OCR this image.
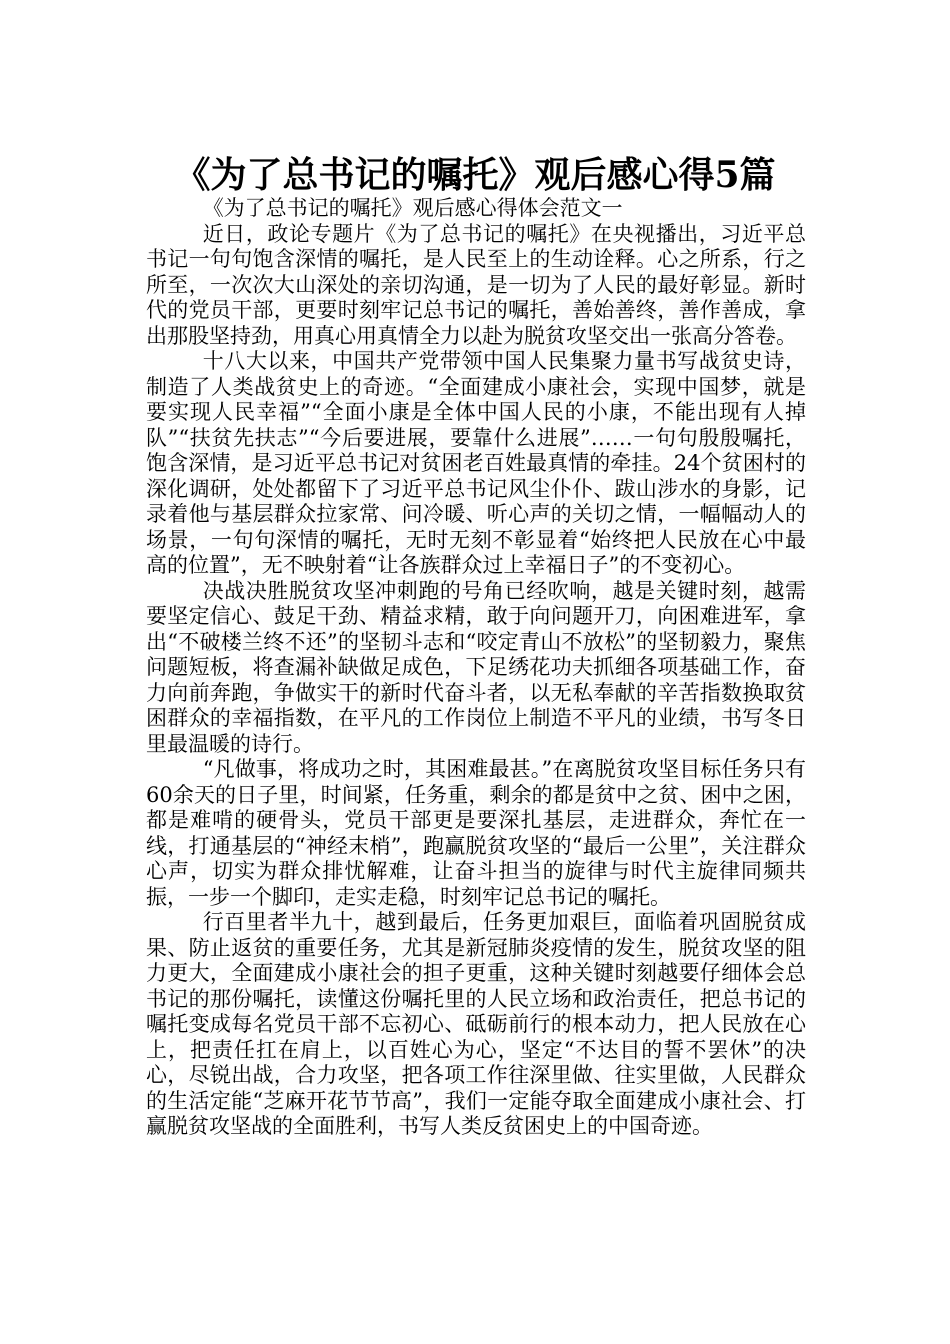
《为了总书记的嘱托》观后感心得5篇
《为了总书记的嘱托》观后感心得体会范文一

近日，政论专题片《为了总书记的嘱托》在央视播出，习近平总书记一句句饱含深情的嘱托，是人民至上的生动诠释。心之所系，行之所至，一次次大山深处的亲切沟通，是一切为了人民的最好彰显。新时代的党员干部，更要时刻牢记总书记的嘱托，善始善终，善作善成，拿出那股坚持劲，用真心用真情全力以赴为脱贫攻坚交出一张高分答卷。

十八大以来，中国共产党带领中国人民集聚力量书写战贫史诗，制造了人类战贫史上的奇迹。“全面建成小康社会，实现中国梦，就是要实现人民幸福”“全面小康是全体中国人民的小康，不能出现有人掉队”“扶贫先扶志”“今后要进展，要靠什么进展”……一句句殷殷嘱托，饱含深情，是习近平总书记对贫困老百姓最真情的牵挂。24个贫困村的深化调研，处处都留下了习近平总书记风尘仆仆、跋山涉水的身影，记录着他与基层群众拉家常、问冷暖、听心声的关切之情，一幅幅动人的场景，一句句深情的嘱托，无时无刻不彰显着“始终把人民放在心中最高的位置”，无不映射着“让各族群众过上幸福日子”的不变初心。

决战决胜脱贫攻坚冲刺跑的号角已经吹响，越是关键时刻，越需要坚定信心、鼓足干劲、精益求精，敢于向问题开刀，向困难进军，拿出“不破楼兰终不还”的坚韧斗志和“咬定青山不放松”的坚韧毅力，聚焦问题短板，将查漏补缺做足成色，下足绣花功夫抓细各项基础工作，奋力向前奔跑，争做实干的新时代奋斗者，以无私奉献的辛苦指数换取贫困群众的幸福指数，在平凡的工作岗位上制造不平凡的业绩，书写冬日里最温暖的诗行。

“凡做事，将成功之时，其困难最甚。”在离脱贫攻坚目标任务只有60余天的日子里，时间紧，任务重，剩余的都是贫中之贫、困中之困，都是难啃的硬骨头，党员干部更是要深扎基层，走进群众，奔忙在一线，打通基层的“神经末梢”，跑赢脱贫攻坚的“最后一公里”，关注群众心声，切实为群众排忧解难，让奋斗担当的旋律与时代主旋律同频共振，一步一个脚印，走实走稳，时刻牢记总书记的嘱托。

行百里者半九十，越到最后，任务更加艰巨，面临着巩固脱贫成果、防止返贫的重要任务，尤其是新冠肺炎疫情的发生，脱贫攻坚的阻力更大，全面建成小康社会的担子更重，这种关键时刻越要仔细体会总书记的那份嘱托，读懂这份嘱托里的人民立场和政治责任，把总书记的嘱托变成每名党员干部不忘初心、砥砺前行的根本动力，把人民放在心上，把责任扛在肩上，以百姓心为心，坚定“不达目的誓不罢休”的决心，尽锐出战，合力攻坚，把各项工作往深里做、往实里做，人民群众的生活定能“芝麻开花节节高”，我们一定能夺取全面建成小康社会、打赢脱贫攻坚战的全面胜利，书写人类反贫困史上的中国奇迹。
